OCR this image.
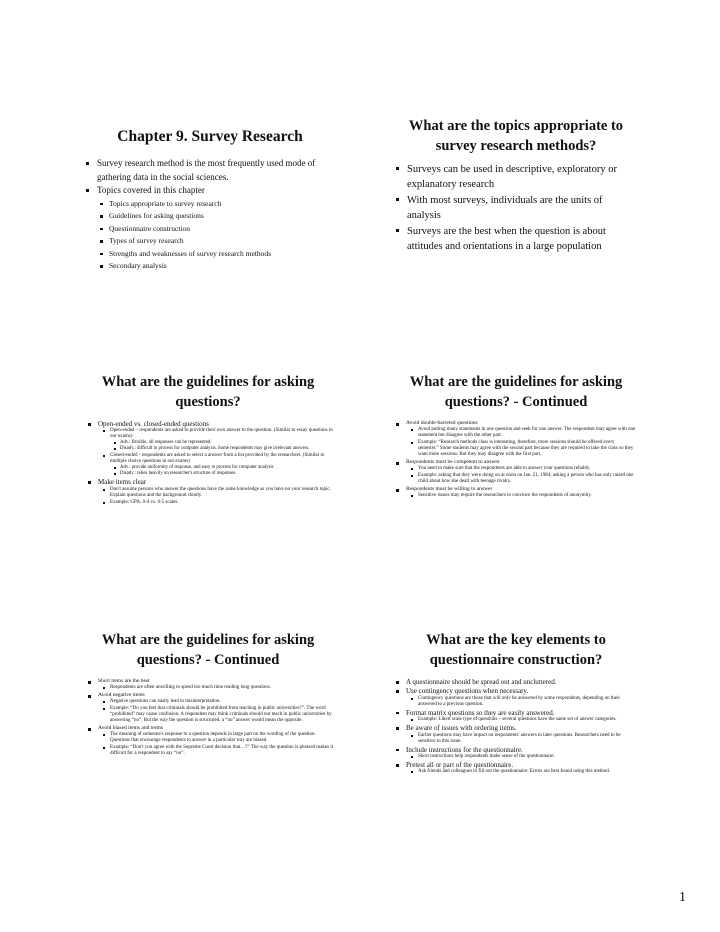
Chapter 9. Survey Research
Survey research method is the most frequently used mode of gathering data in the social sciences.
Topics covered in this chapter
Topics appropriate to survey research
Guidelines for asking questions
Questionnaire construction
Types of survey research
Strengths and weaknesses of survey research methods
Secondary analysis
What are the topics appropriate to survey research methods?
Surveys can be used in descriptive, exploratory or explanatory research
With most surveys, individuals are the units of analysis
Surveys are the best when the question is about attitudes and orientations in a large population
What are the guidelines for asking questions?
Open-ended vs. closed-ended questions
Open-ended – respondents are asked to provide their own answer to the question. (Similar to essay questions in our exams)
Adv.: flexible, all responses can be represented.
Disadv.: difficult to process for computer analysis. Some respondents may give irrelevant answers.
Closed-ended - respondents are asked to select a answer from a list provided by the researchers. (Similar to multiple choice questions in our exams)
Adv.: provide uniformity of response, and easy to process for computer analysis
Disadv.: relies heavily on researcher's structure of responses.
Make items clear
Don't assume persons who answer the questions have the same knowledge as you have on your research topic. Explain questions and the background clearly.
Example: GPA: 0-4 vs. 0-5 scales.
What are the guidelines for asking questions? - Continued
Avoid double-barreled questions
Avoid putting many statements in one question and seek for one answer. The respondent may agree with one statement but disagree with the other part.
Example: “Research methods class is interesting, therefore, more sessions should be offered every semester.” Some students may agree with the second part because they are required to take the class so they want more sessions. But they may disagree with the first part.
Respondents must be competent to answer
You need to make sure that the respondents are able to answer your questions reliably.
Example: asking that they were doing on at noon on Jan. 21, 1984; asking a person who has only raised one child about how she dealt with teenage rivalry.
Respondents must be willing to answer
Sensitive issues may require the researchers to convince the respondents of anonymity.
What are the guidelines for asking questions? - Continued
Short items are the best
Respondents are often unwilling to spend too much time reading long questions.
Avoid negative items
Negative questions can easily lead to misinterpretation.
Example: “Do you feel that criminals should be prohibited from teaching in public universities?”. The word “prohibited” may cause confusion. A respondent may think criminals should not teach in public universities by answering “no”. But the way the question is structured, a “no” answer would mean the opposite.
Avoid biased items and terms
The meaning of someone's response to a question depends in large part on the wording of the question. Questions that encourage respondents to answer in a particular way are biased.
Example: “Don't you agree with the Supreme Court decision that…?” The way the question is phrased makes it difficult for a respondent to say “no”.
What are the key elements to questionnaire construction?
A questionnaire should be spread out and uncluttered.
Use contingency questions when necessary.
Contingency questions are those that will only be answered by some respondents, depending on their answered to a previous question.
Format matrix questions so they are easily answered.
Example: Likert scale type of questions – several questions have the same set of answer categories.
Be aware of issues with ordering items.
Earlier questions may have impact on respondents' answers to later questions. Researchers need to be sensitive to this issue.
Include instructions for the questionnaire.
Short instructions help respondents make sense of the questionnaire.
Pretest all or part of the questionnaire.
Ask friends and colleagues to fill out the questionnaire. Errors are best found using this method.
1
